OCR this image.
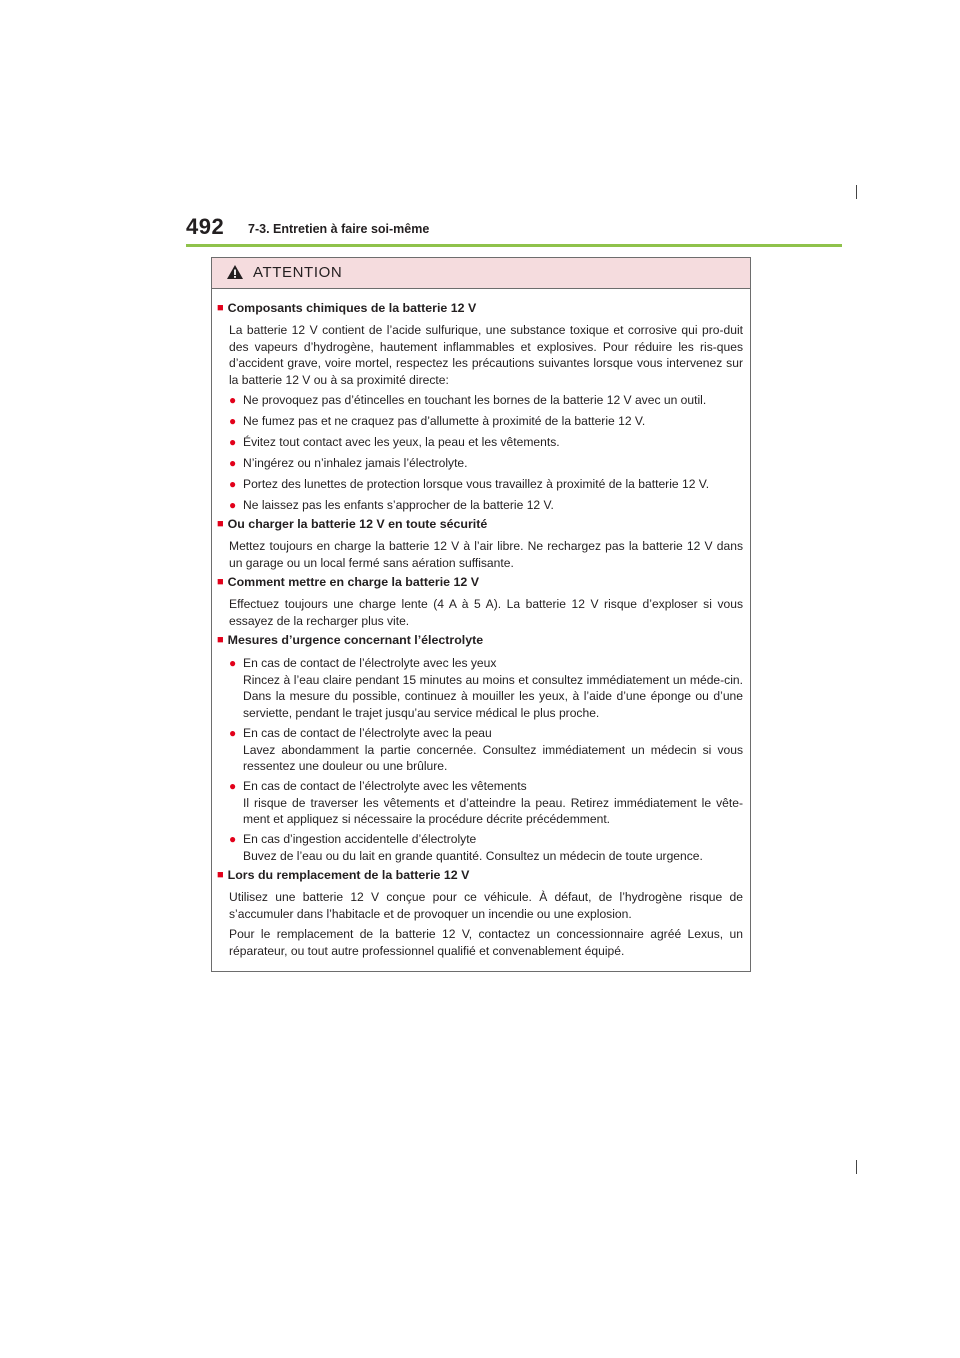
492 7-3. Entretien à faire soi-même
ATTENTION
■ Composants chimiques de la batterie 12 V
La batterie 12 V contient de l’acide sulfurique, une substance toxique et corrosive qui pro-duit des vapeurs d’hydrogène, hautement inflammables et explosives. Pour réduire les ris-ques d’accident grave, voire mortel, respectez les précautions suivantes lorsque vous intervenez sur la batterie 12 V ou à sa proximité directe:
● Ne provoquez pas d’étincelles en touchant les bornes de la batterie 12 V avec un outil.
● Ne fumez pas et ne craquez pas d’allumette à proximité de la batterie 12 V.
● Évitez tout contact avec les yeux, la peau et les vêtements.
● N’ingérez ou n’inhalez jamais l’électrolyte.
● Portez des lunettes de protection lorsque vous travaillez à proximité de la batterie 12 V.
● Ne laissez pas les enfants s’approcher de la batterie 12 V.
■ Ou charger la batterie 12 V en toute sécurité
Mettez toujours en charge la batterie 12 V à l’air libre. Ne rechargez pas la batterie 12 V dans un garage ou un local fermé sans aération suffisante.
■ Comment mettre en charge la batterie 12 V
Effectuez toujours une charge lente (4 A à 5 A). La batterie 12 V risque d’exploser si vous essayez de la recharger plus vite.
■ Mesures d’urgence concernant l’électrolyte
● En cas de contact de l’électrolyte avec les yeux
Rincez à l’eau claire pendant 15 minutes au moins et consultez immédiatement un méde-cin. Dans la mesure du possible, continuez à mouiller les yeux, à l’aide d’une éponge ou d’une serviette, pendant le trajet jusqu’au service médical le plus proche.
● En cas de contact de l’électrolyte avec la peau
Lavez abondamment la partie concernée. Consultez immédiatement un médecin si vous ressentez une douleur ou une brûlure.
● En cas de contact de l’électrolyte avec les vêtements
Il risque de traverser les vêtements et d’atteindre la peau. Retirez immédiatement le vête-ment et appliquez si nécessaire la procédure décrite précédemment.
● En cas d’ingestion accidentelle d’électrolyte
Buvez de l’eau ou du lait en grande quantité. Consultez un médecin de toute urgence.
■ Lors du remplacement de la batterie 12 V
Utilisez une batterie 12 V conçue pour ce véhicule. À défaut, de l’hydrogène risque de s’accumuler dans l’habitacle et de provoquer un incendie ou une explosion.
Pour le remplacement de la batterie 12 V, contactez un concessionnaire agréé Lexus, un réparateur, ou tout autre professionnel qualifié et convenablement équipé.
